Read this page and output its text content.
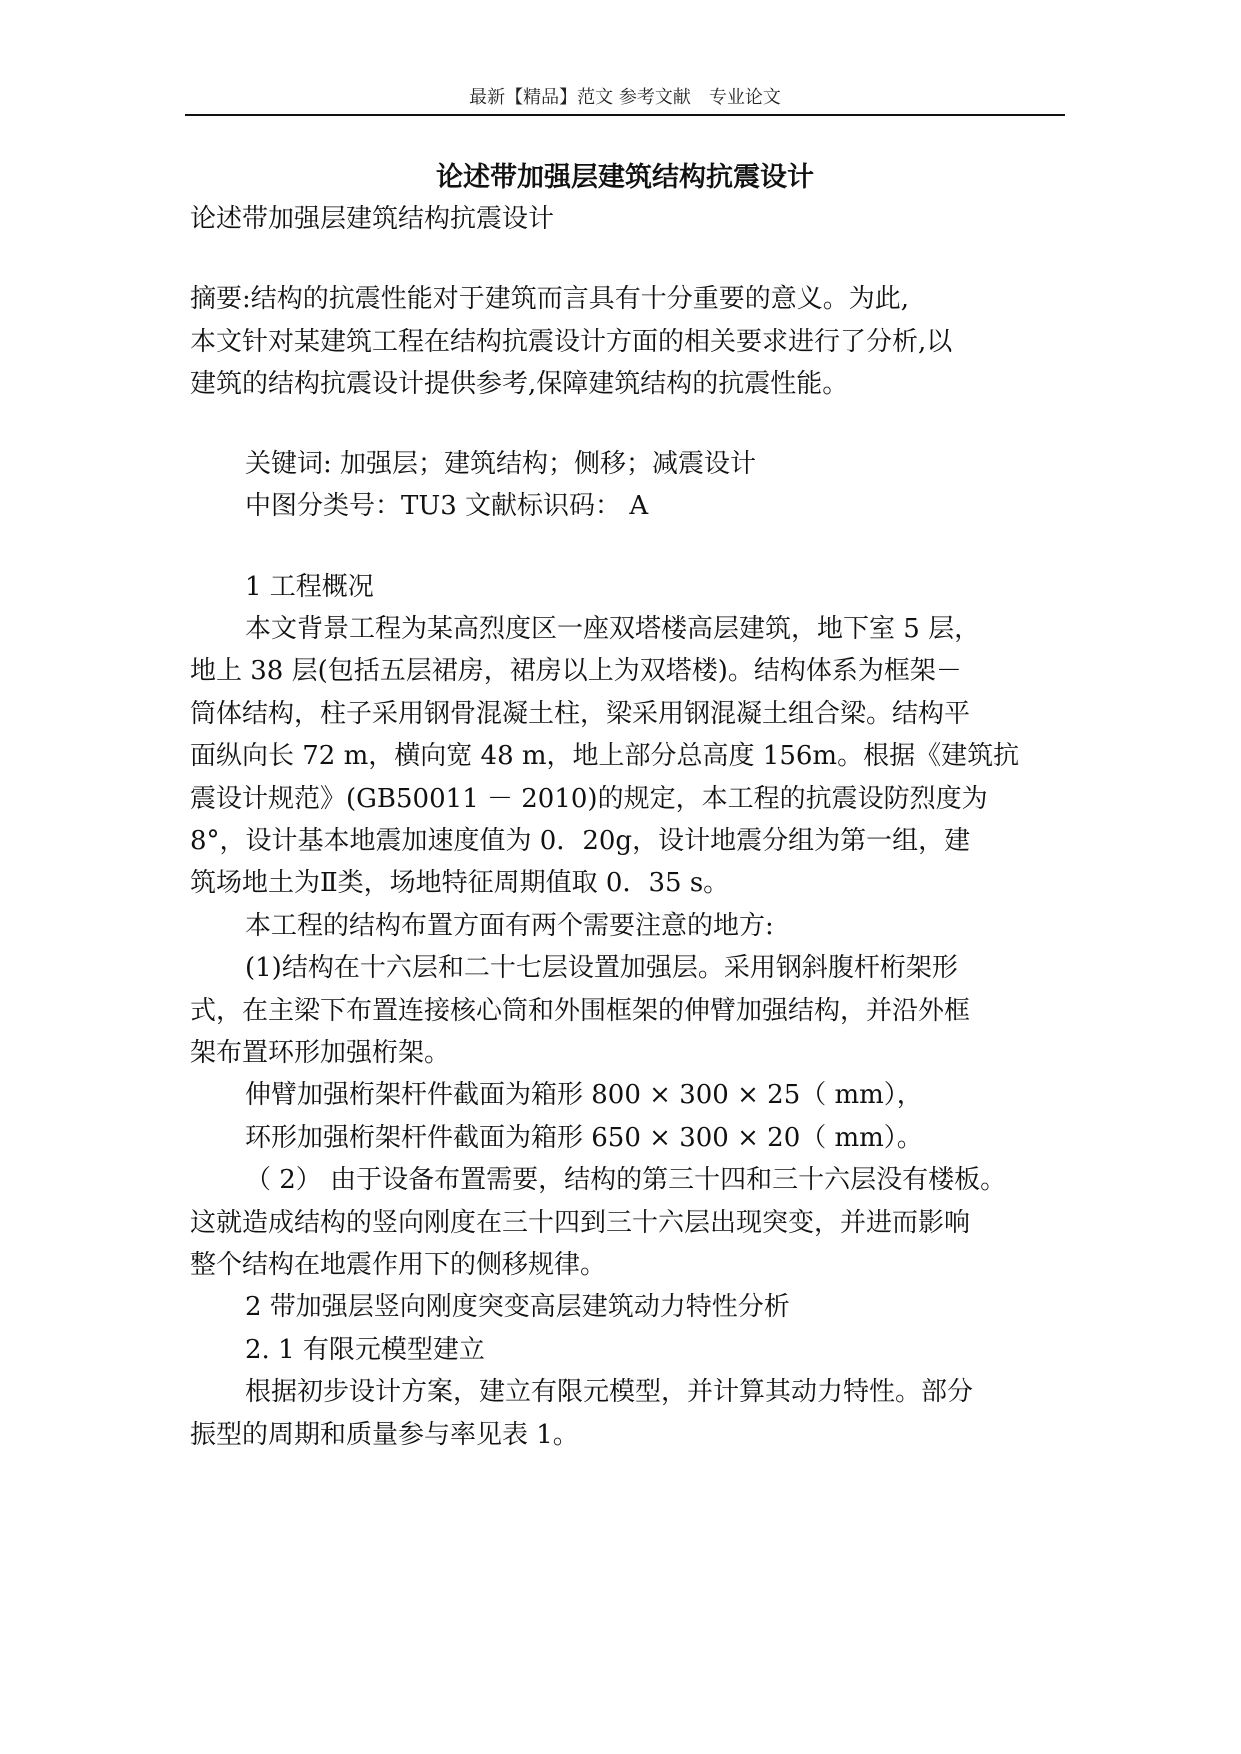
最新【精品】范文 参考文献　专业论文
论述带加强层建筑结构抗震设计
论述带加强层建筑结构抗震设计
摘要:结构的抗震性能对于建筑而言具有十分重要的意义。为此,
本文针对某建筑工程在结构抗震设计方面的相关要求进行了分析,以
建筑的结构抗震设计提供参考,保障建筑结构的抗震性能。
关键词: 加强层；建筑结构；侧移；减震设计
中图分类号：TU3 文献标识码： A
1 工程概况
本文背景工程为某高烈度区一座双塔楼高层建筑，地下室 5 层，
地上 38 层(包括五层裙房，裙房以上为双塔楼)。结构体系为框架－
筒体结构，柱子采用钢骨混凝土柱，梁采用钢混凝土组合梁。结构平
面纵向长 72 m，横向宽 48 m，地上部分总高度 156m。根据《建筑抗
震设计规范》(GB50011 － 2010)的规定，本工程的抗震设防烈度为
8°，设计基本地震加速度值为 0．20g，设计地震分组为第一组，建
筑场地土为Ⅱ类，场地特征周期值取 0．35 s。
本工程的结构布置方面有两个需要注意的地方:
(1)结构在十六层和二十七层设置加强层。采用钢斜腹杆桁架形
式，在主梁下布置连接核心筒和外围框架的伸臂加强结构，并沿外框
架布置环形加强桁架。
伸臂加强桁架杆件截面为箱形 800 × 300 × 25（ mm），
环形加强桁架杆件截面为箱形 650 × 300 × 20（ mm）。
（ 2） 由于设备布置需要，结构的第三十四和三十六层没有楼板。
这就造成结构的竖向刚度在三十四到三十六层出现突变，并进而影响
整个结构在地震作用下的侧移规律。
2 带加强层竖向刚度突变高层建筑动力特性分析
2. 1 有限元模型建立
根据初步设计方案，建立有限元模型，并计算其动力特性。部分
振型的周期和质量参与率见表 1。
